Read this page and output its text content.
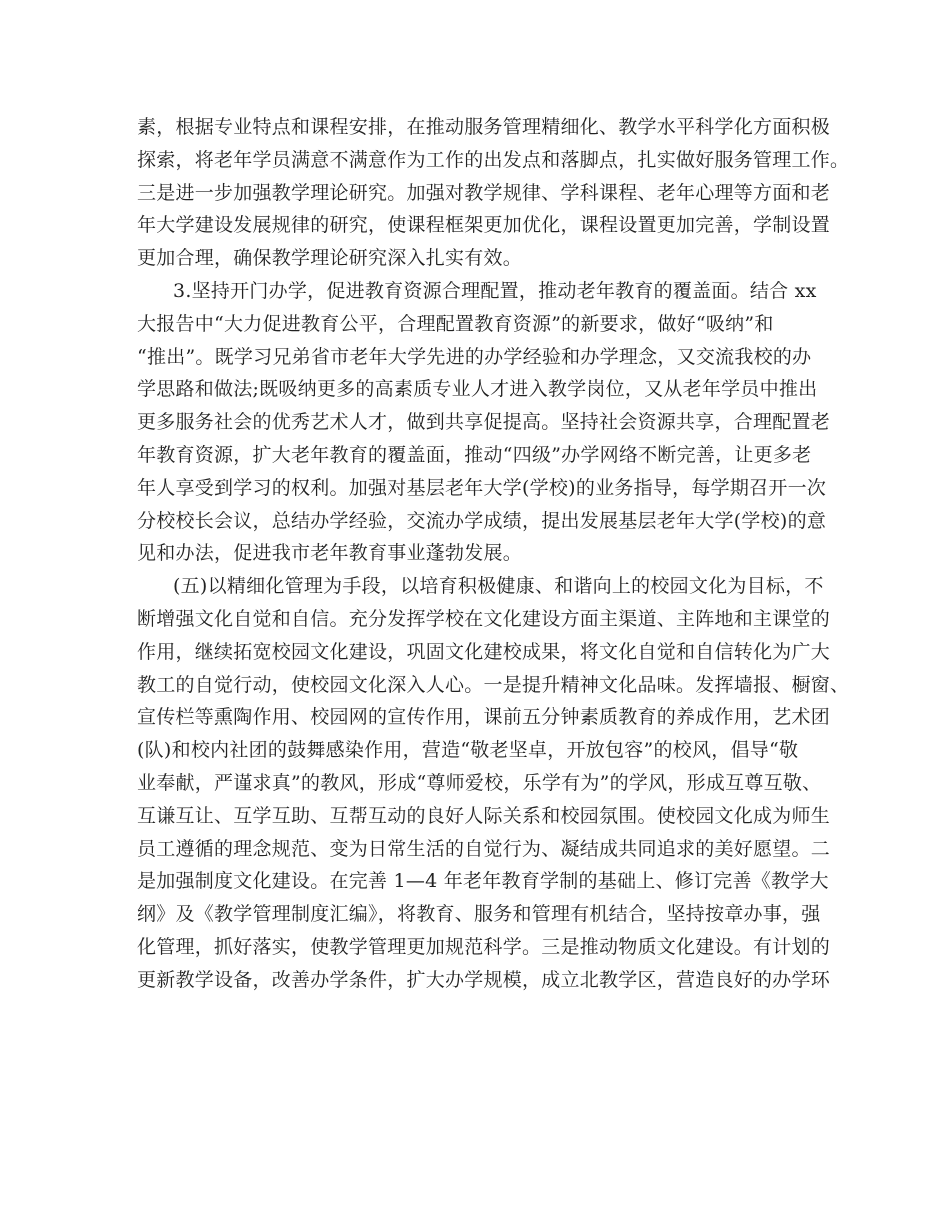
素，根据专业特点和课程安排，在推动服务管理精细化、教学水平科学化方面积极
探索，将老年学员满意不满意作为工作的出发点和落脚点，扎实做好服务管理工作。
三是进一步加强教学理论研究。加强对教学规律、学科课程、老年心理等方面和老
年大学建设发展规律的研究，使课程框架更加优化，课程设置更加完善，学制设置
更加合理，确保教学理论研究深入扎实有效。

3.坚持开门办学，促进教育资源合理配置，推动老年教育的覆盖面。结合 xx
大报告中“大力促进教育公平，合理配置教育资源”的新要求，做好“吸纳”和
“推出”。既学习兄弟省市老年大学先进的办学经验和办学理念，又交流我校的办
学思路和做法;既吸纳更多的高素质专业人才进入教学岗位，又从老年学员中推出
更多服务社会的优秀艺术人才，做到共享促提高。坚持社会资源共享，合理配置老
年教育资源，扩大老年教育的覆盖面，推动“四级”办学网络不断完善，让更多老
年人享受到学习的权利。加强对基层老年大学(学校)的业务指导，每学期召开一次
分校校长会议，总结办学经验，交流办学成绩，提出发展基层老年大学(学校)的意
见和办法，促进我市老年教育事业蓬勃发展。

(五)以精细化管理为手段，以培育积极健康、和谐向上的校园文化为目标，不
断增强文化自觉和自信。充分发挥学校在文化建设方面主渠道、主阵地和主课堂的
作用，继续拓宽校园文化建设，巩固文化建校成果，将文化自觉和自信转化为广大
教工的自觉行动，使校园文化深入人心。一是提升精神文化品味。发挥墙报、橱窗、
宣传栏等熏陶作用、校园网的宣传作用，课前五分钟素质教育的养成作用，艺术团
(队)和校内社团的鼓舞感染作用，营造“敬老坚卓，开放包容”的校风，倡导“敬
业奉献，严谨求真”的教风，形成“尊师爱校，乐学有为”的学风，形成互尊互敬、
互谦互让、互学互助、互帮互动的良好人际关系和校园氛围。使校园文化成为师生
员工遵循的理念规范、变为日常生活的自觉行为、凝结成共同追求的美好愿望。二
是加强制度文化建设。在完善 1—4 年老年教育学制的基础上、修订完善《教学大
纲》及《教学管理制度汇编》，将教育、服务和管理有机结合，坚持按章办事，强
化管理，抓好落实，使教学管理更加规范科学。三是推动物质文化建设。有计划的
更新教学设备，改善办学条件，扩大办学规模，成立北教学区，营造良好的办学环
